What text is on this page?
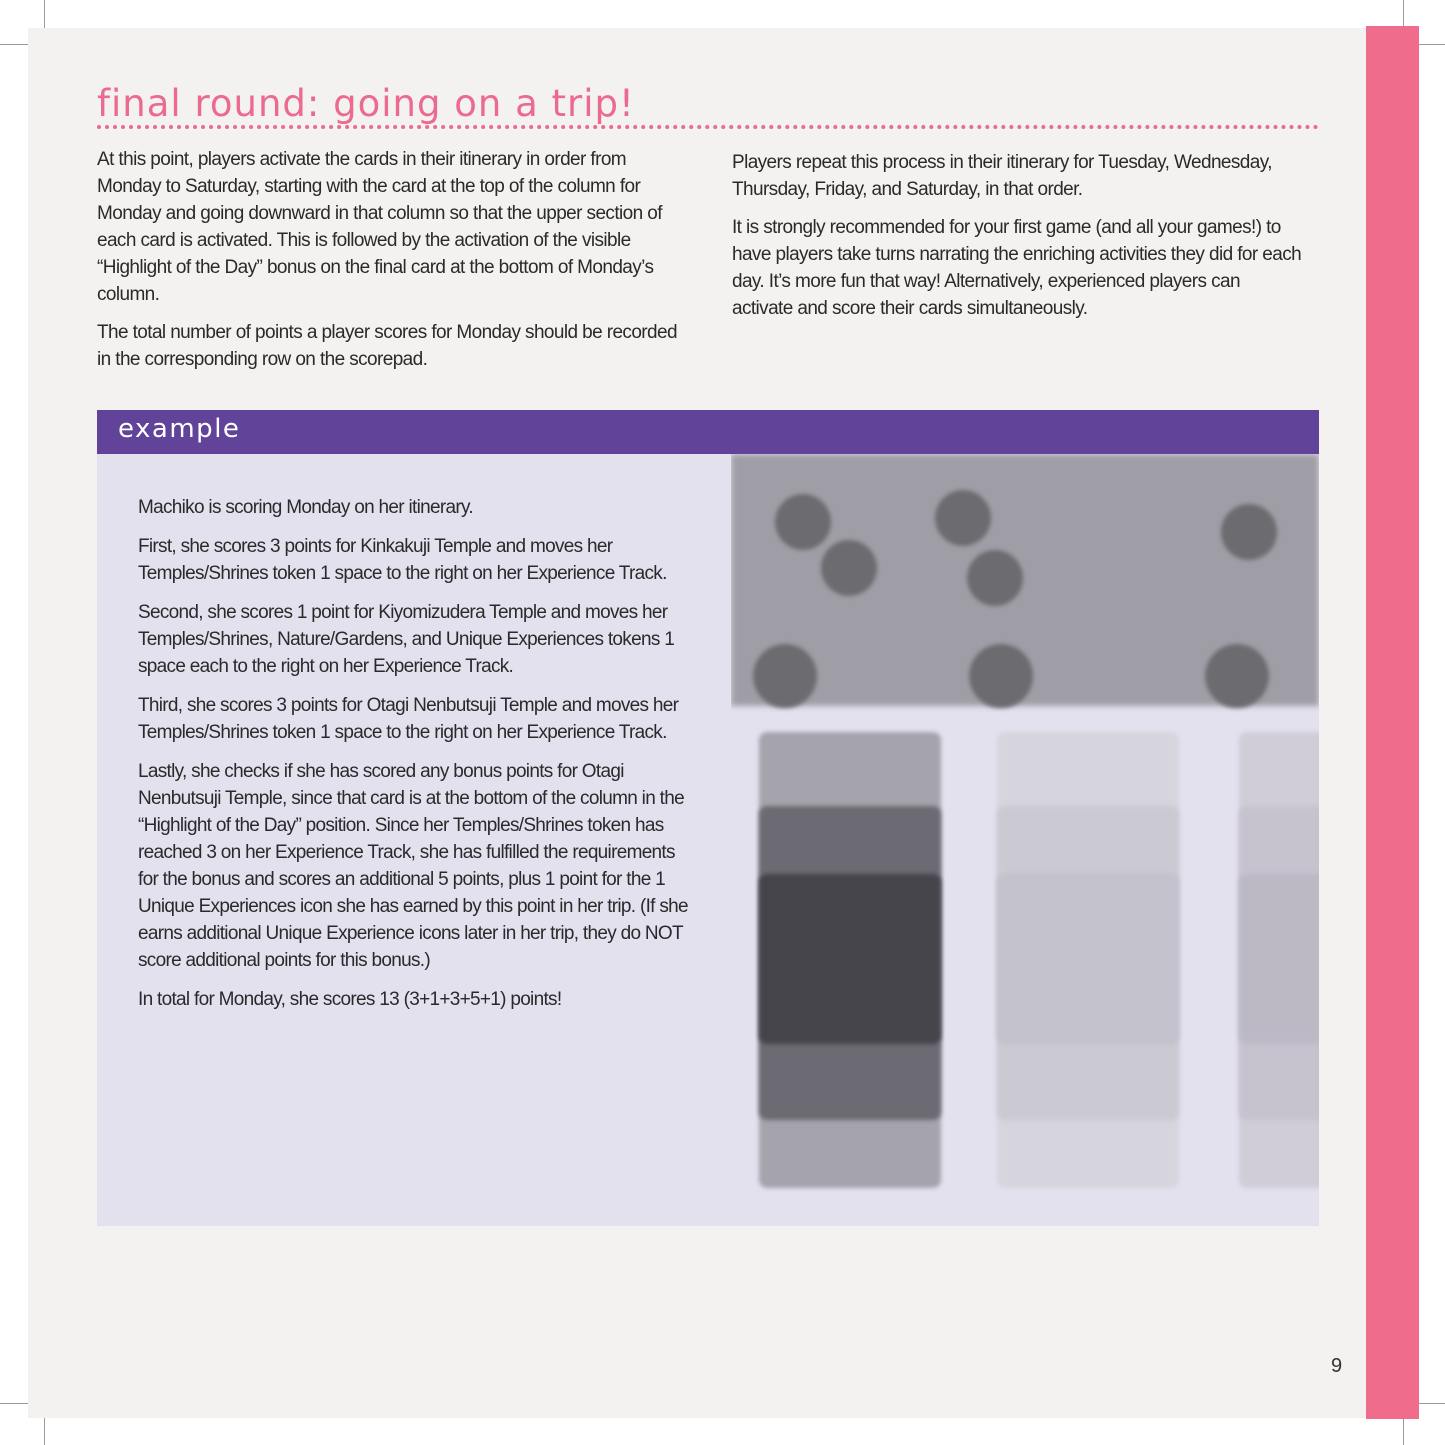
final round: going on a trip!

At this point, players activate the cards in their itinerary in order from Monday to Saturday, starting with the card at the top of the column for Monday and going downward in that column so that the upper section of each card is activated. This is followed by the activation of the visible “Highlight of the Day” bonus on the final card at the bottom of Monday’s column.

The total number of points a player scores for Monday should be recorded in the corresponding row on the scorepad.

Players repeat this process in their itinerary for Tuesday, Wednesday, Thursday, Friday, and Saturday, in that order.

It is strongly recommended for your first game (and all your games!) to have players take turns narrating the enriching activities they did for each day. It’s more fun that way! Alternatively, experienced players can activate and score their cards simultaneously.

example

Machiko is scoring Monday on her itinerary.

First, she scores 3 points for Kinkakuji Temple and moves her Temples/Shrines token 1 space to the right on her Experience Track.

Second, she scores 1 point for Kiyomizudera Temple and moves her Temples/Shrines, Nature/Gardens, and Unique Experiences tokens 1 space each to the right on her Experience Track.

Third, she scores 3 points for Otagi Nenbutsuji Temple and moves her Temples/Shrines token 1 space to the right on her Experience Track.

Lastly, she checks if she has scored any bonus points for Otagi Nenbutsuji Temple, since that card is at the bottom of the column in the “Highlight of the Day” position. Since her Temples/Shrines token has reached 3 on her Experience Track, she has fulfilled the requirements for the bonus and scores an additional 5 points, plus 1 point for the 1 Unique Experiences icon she has earned by this point in her trip. (If she earns additional Unique Experience icons later in her trip, they do NOT score additional points for this bonus.)

In total for Monday, she scores 13 (3+1+3+5+1) points!

9
